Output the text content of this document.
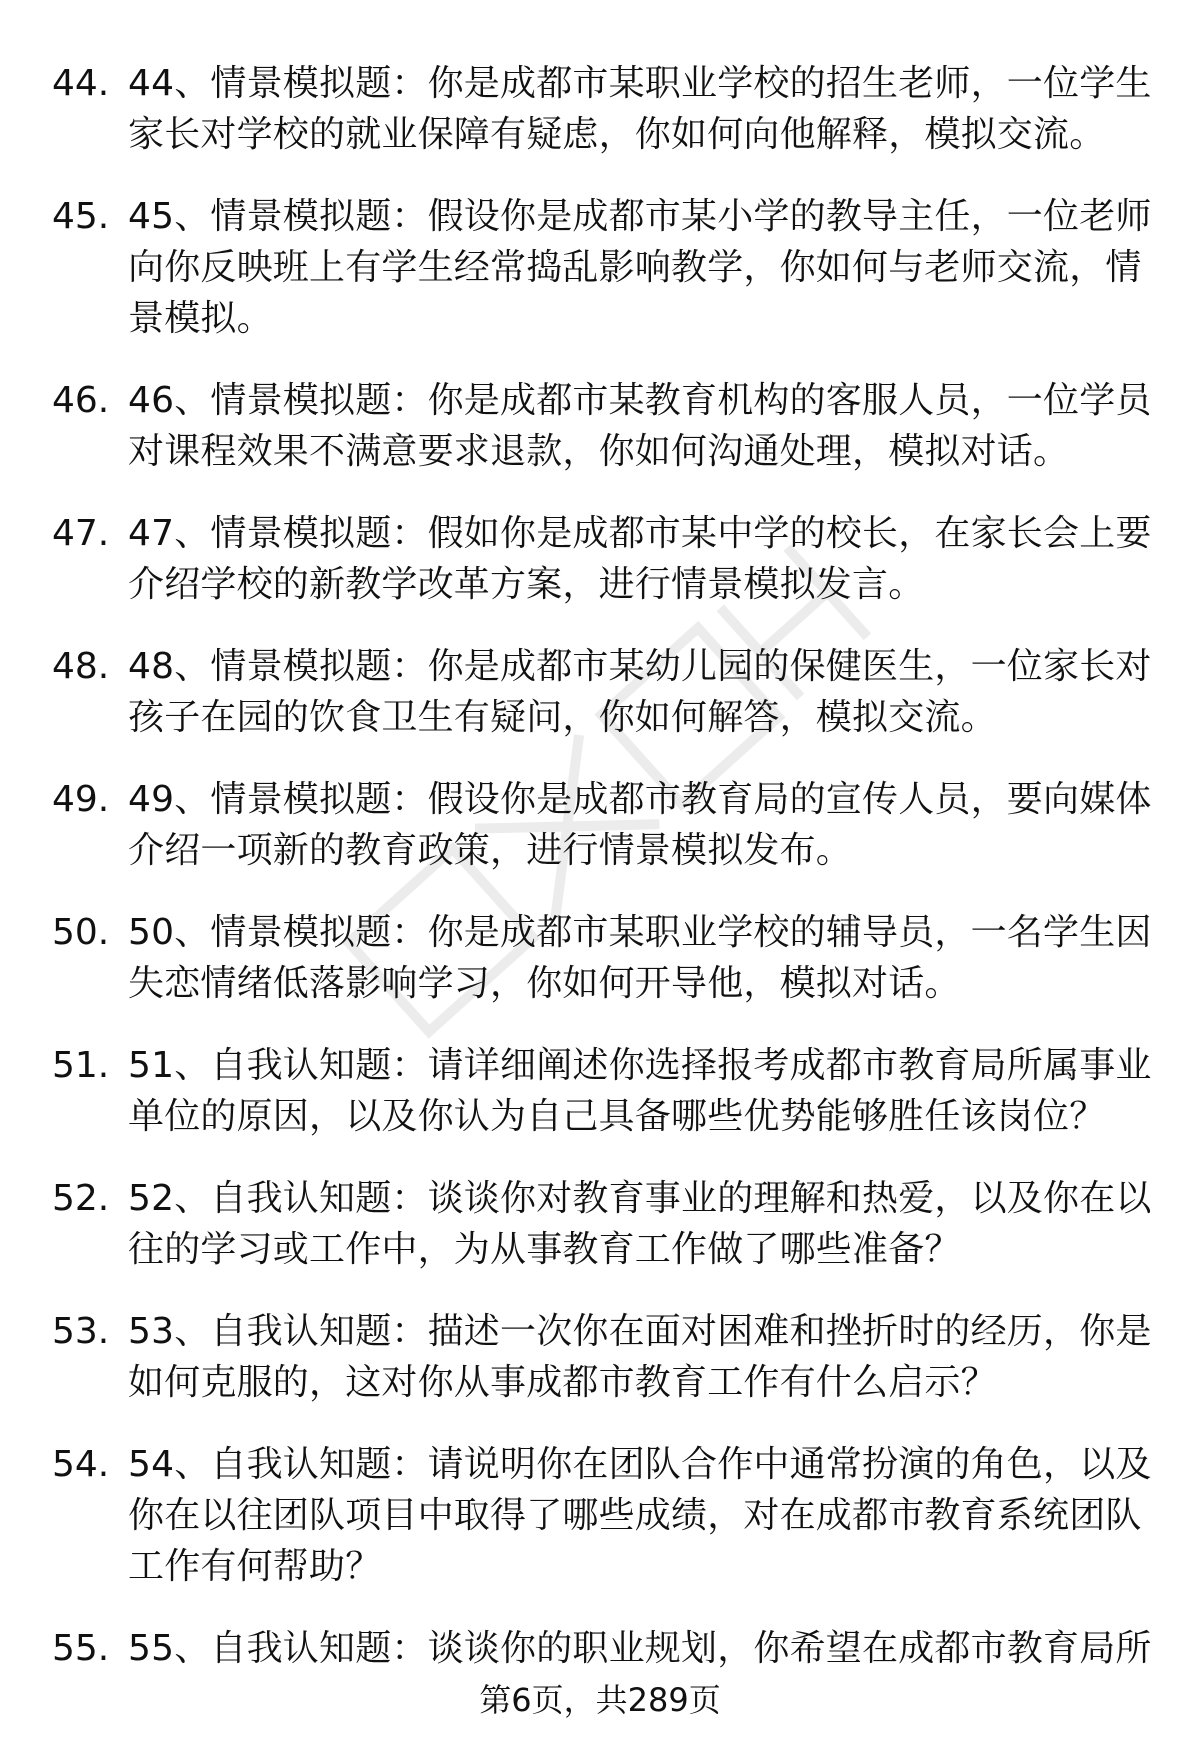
44. 44、情景模拟题：你是成都市某职业学校的招生老师，一位学生家长对学校的就业保障有疑虑，你如何向他解释，模拟交流。
45. 45、情景模拟题：假设你是成都市某小学的教导主任，一位老师向你反映班上有学生经常捣乱影响教学，你如何与老师交流，情景模拟。
46. 46、情景模拟题：你是成都市某教育机构的客服人员，一位学员对课程效果不满意要求退款，你如何沟通处理，模拟对话。
47. 47、情景模拟题：假如你是成都市某中学的校长，在家长会上要介绍学校的新教学改革方案，进行情景模拟发言。
48. 48、情景模拟题：你是成都市某幼儿园的保健医生，一位家长对孩子在园的饮食卫生有疑问，你如何解答，模拟交流。
49. 49、情景模拟题：假设你是成都市教育局的宣传人员，要向媒体介绍一项新的教育政策，进行情景模拟发布。
50. 50、情景模拟题：你是成都市某职业学校的辅导员，一名学生因失恋情绪低落影响学习，你如何开导他，模拟对话。
51. 51、自我认知题：请详细阐述你选择报考成都市教育局所属事业单位的原因，以及你认为自己具备哪些优势能够胜任该岗位？
52. 52、自我认知题：谈谈你对教育事业的理解和热爱，以及你在以往的学习或工作中，为从事教育工作做了哪些准备？
53. 53、自我认知题：描述一次你在面对困难和挫折时的经历，你是如何克服的，这对你从事成都市教育工作有什么启示？
54. 54、自我认知题：请说明你在团队合作中通常扮演的角色，以及你在以往团队项目中取得了哪些成绩，对在成都市教育系统团队工作有何帮助？
55. 55、自我认知题：谈谈你的职业规划，你希望在成都市教育局所
第6页，共289页
